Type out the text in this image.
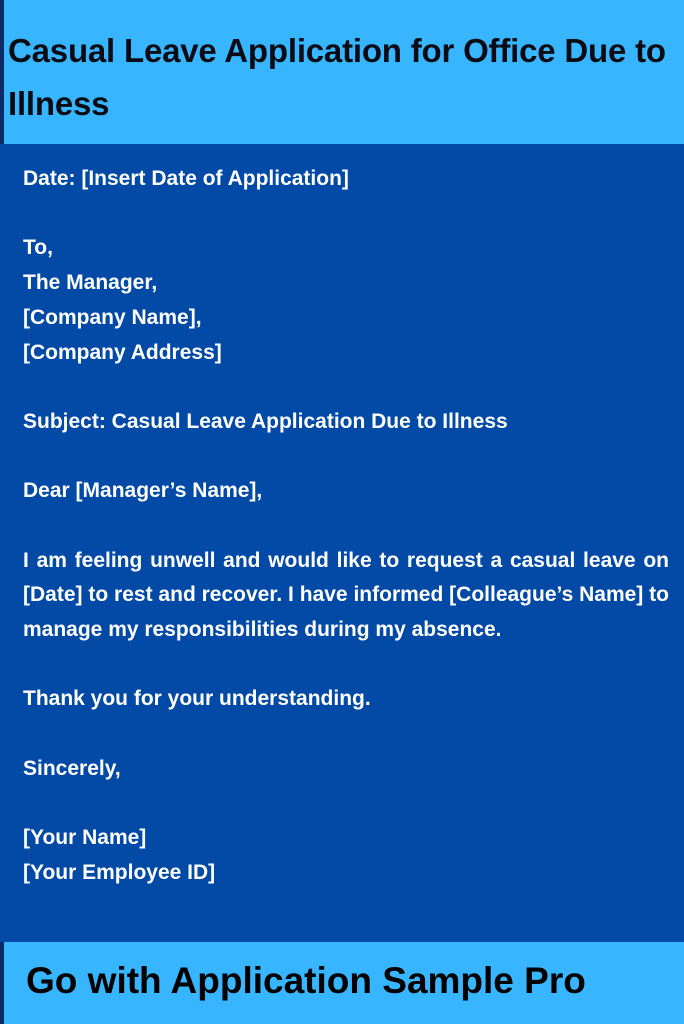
Casual Leave Application for Office Due to Illness

Date: [Insert Date of Application]

To,

The Manager,

[Company Name],

[Company Address]

Subject: Casual Leave Application Due to Illness

Dear [Manager’s Name],

I am feeling unwell and would like to request a casual leave on [Date] to rest and recover. I have informed [Colleague’s Name] to manage my responsibilities during my absence.

Thank you for your understanding.

Sincerely,

[Your Name]

[Your Employee ID]

Go with Application Sample Pro
